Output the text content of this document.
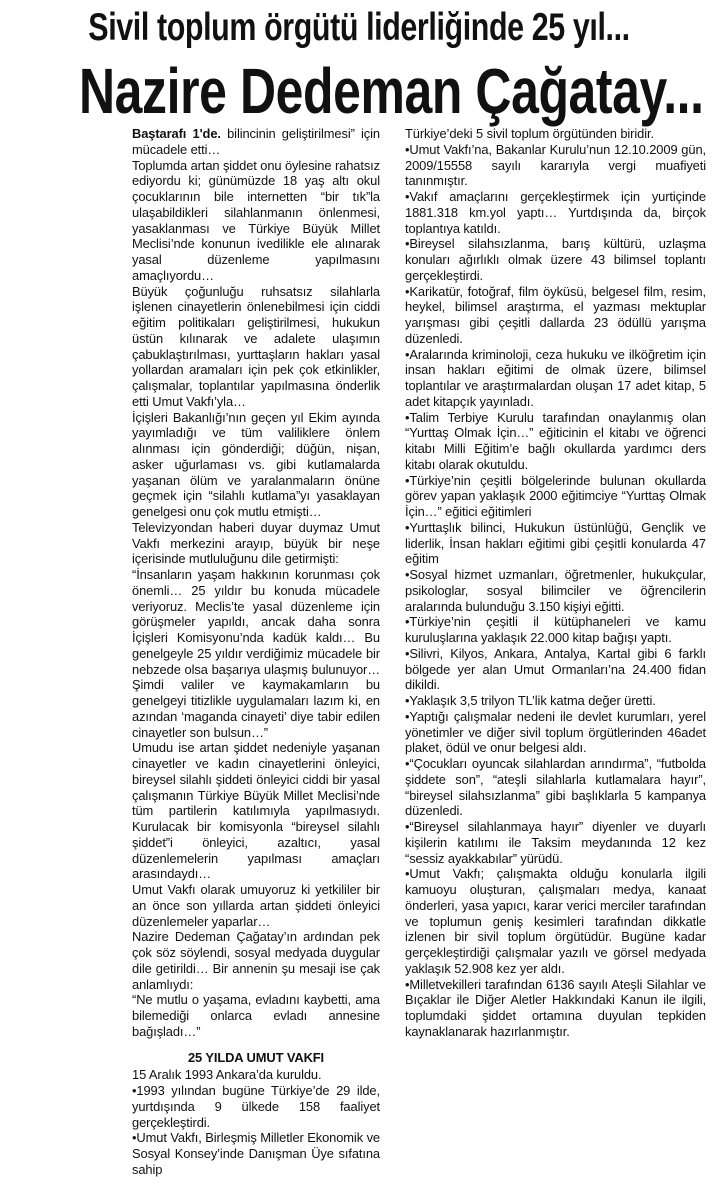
Sivil toplum örgütü liderliğinde 25 yıl...
Nazire Dedeman Çağatay...

Baştarafı 1'de. bilincinin geliştirilmesi” için mücadele etti…

Toplumda artan şiddet onu öylesine rahatsız ediyordu ki; günümüzde 18 yaş altı okul çocuklarının bile internetten “bir tık”la ulaşabildikleri silahlanmanın önlenmesi, yasaklanması ve Türkiye Büyük Millet Meclisi’nde konunun ivedilikle ele alınarak yasal düzenleme yapılmasını amaçlıyordu…

Büyük çoğunluğu ruhsatsız silahlarla işlenen cinayetlerin önlenebilmesi için ciddi eğitim politikaları geliştirilmesi, hukukun üstün kılınarak ve adalete ulaşımın çabuklaştırılması, yurttaşların hakları yasal yollardan aramaları için pek çok etkinlikler, çalışmalar, toplantılar yapılmasına önderlik etti Umut Vakfı’yla…

İçişleri Bakanlığı’nın geçen yıl Ekim ayında yayımladığı ve tüm valiliklere önlem alınması için gönderdiği; düğün, nişan, asker uğurlaması vs. gibi kutlamalarda yaşanan ölüm ve yaralanmaların önüne geçmek için “silahlı kutlama”yı yasaklayan genelgesi onu çok mutlu etmişti…

Televizyondan haberi duyar duymaz Umut Vakfı merkezini arayıp, büyük bir neşe içerisinde mutluluğunu dile getirmişti:

“İnsanların yaşam hakkının korunması çok önemli… 25 yıldır bu konuda mücadele veriyoruz. Meclis’te yasal düzenleme için görüşmeler yapıldı, ancak daha sonra İçişleri Komisyonu’nda kadük kaldı… Bu genelgeyle 25 yıldır verdiğimiz mücadele bir nebzede olsa başarıya ulaşmış bulunuyor… Şimdi valiler ve kaymakamların bu genelgeyi titizlikle uygulamaları lazım ki, en azından ‘maganda cinayeti’ diye tabir edilen cinayetler son bulsun…”

Umudu ise artan şiddet nedeniyle yaşanan cinayetler ve kadın cinayetlerini önleyici, bireysel silahlı şiddeti önleyici ciddi bir yasal çalışmanın Türkiye Büyük Millet Meclisi’nde tüm partilerin katılımıyla yapılmasıydı. Kurulacak bir komisyonla “bireysel silahlı şiddet”i önleyici, azaltıcı, yasal düzenlemelerin yapılması amaçları arasındaydı…

Umut Vakfı olarak umuyoruz ki yetkililer bir an önce son yıllarda artan şiddeti önleyici düzenlemeler yaparlar…

Nazire Dedeman Çağatay’ın ardından pek çok söz söylendi, sosyal medyada duygular dile getirildi… Bir annenin şu mesaji ise çak anlamlıydı:

“Ne mutlu o yaşama, evladını kaybetti, ama bilemediği onlarca evladı annesine bağışladı…”

25 YILDA UMUT VAKFI

15 Aralık 1993 Ankara’da kuruldu.

•1993 yılından bugüne Türkiye’de 29 ilde, yurtdışında 9 ülkede 158 faaliyet gerçekleştirdi.

•Umut Vakfı, Birleşmiş Milletler Ekonomik ve Sosyal Konsey’inde Danışman Üye sıfatına sahip

Türkiye’deki 5 sivil toplum örgütünden biridir.

•Umut Vakfı’na, Bakanlar Kurulu’nun 12.10.2009 gün, 2009/15558 sayılı kararıyla vergi muafiyeti tanınmıştır.

•Vakıf amaçlarını gerçekleştirmek için yurtiçinde 1881.318 km.yol yaptı… Yurtdışında da, birçok toplantıya katıldı.

•Bireysel silahsızlanma, barış kültürü, uzlaşma konuları ağırlıklı olmak üzere 43 bilimsel toplantı gerçekleştirdi.

•Karikatür, fotoğraf, film öyküsü, belgesel film, resim, heykel, bilimsel araştırma, el yazması mektuplar yarışması gibi çeşitli dallarda 23 ödüllü yarışma düzenledi.

•Aralarında kriminoloji, ceza hukuku ve ilköğretim için insan hakları eğitimi de olmak üzere, bilimsel toplantılar ve araştırmalardan oluşan 17 adet kitap, 5 adet kitapçık yayınladı.

•Talim Terbiye Kurulu tarafından onaylanmış olan “Yurttaş Olmak İçin…” eğiticinin el kitabı ve öğrenci kitabı Milli Eğitim’e bağlı okullarda yardımcı ders kitabı olarak okutuldu.

•Türkiye’nin çeşitli bölgelerinde bulunan okullarda görev yapan yaklaşık 2000 eğitimciye “Yurttaş Olmak İçin…” eğitici eğitimleri

•Yurttaşlık bilinci, Hukukun üstünlüğü, Gençlik ve liderlik, İnsan hakları eğitimi gibi çeşitli konularda 47 eğitim

•Sosyal hizmet uzmanları, öğretmenler, hukukçular, psikologlar, sosyal bilimciler ve öğrencilerin aralarında bulunduğu 3.150 kişiyi eğitti.

•Türkiye’nin çeşitli il kütüphaneleri ve kamu kuruluşlarına yaklaşık 22.000 kitap bağışı yaptı.

•Silivri, Kilyos, Ankara, Antalya, Kartal gibi 6 farklı bölgede yer alan Umut Ormanları’na 24.400 fidan dikildi.

•Yaklaşık 3,5 trilyon TL’lik katma değer üretti.

•Yaptığı çalışmalar nedeni ile devlet kurumları, yerel yönetimler ve diğer sivil toplum örgütlerinden 46adet plaket, ödül ve onur belgesi aldı.

•“Çocukları oyuncak silahlardan arındırma”, “futbolda şiddete son”, “ateşli silahlarla kutlamalara hayır”, “bireysel silahsızlanma” gibi başlıklarla 5 kampanya düzenledi.

•“Bireysel silahlanmaya hayır” diyenler ve duyarlı kişilerin katılımı ile Taksim meydanında 12 kez “sessiz ayakkabılar” yürüdü.

•Umut Vakfı; çalışmakta olduğu konularla ilgili kamuoyu oluşturan, çalışmaları medya, kanaat önderleri, yasa yapıcı, karar verici merciler tarafından ve toplumun geniş kesimleri tarafından dikkatle izlenen bir sivil toplum örgütüdür. Bugüne kadar gerçekleştirdiği çalışmalar yazılı ve görsel medyada yaklaşık 52.908 kez yer aldı.

•Milletvekilleri tarafından 6136 sayılı Ateşli Silahlar ve Bıçaklar ile Diğer Aletler Hakkındaki Kanun ile ilgili, toplumdaki şiddet ortamına duyulan tepkiden kaynaklanarak hazırlanmıştır.
